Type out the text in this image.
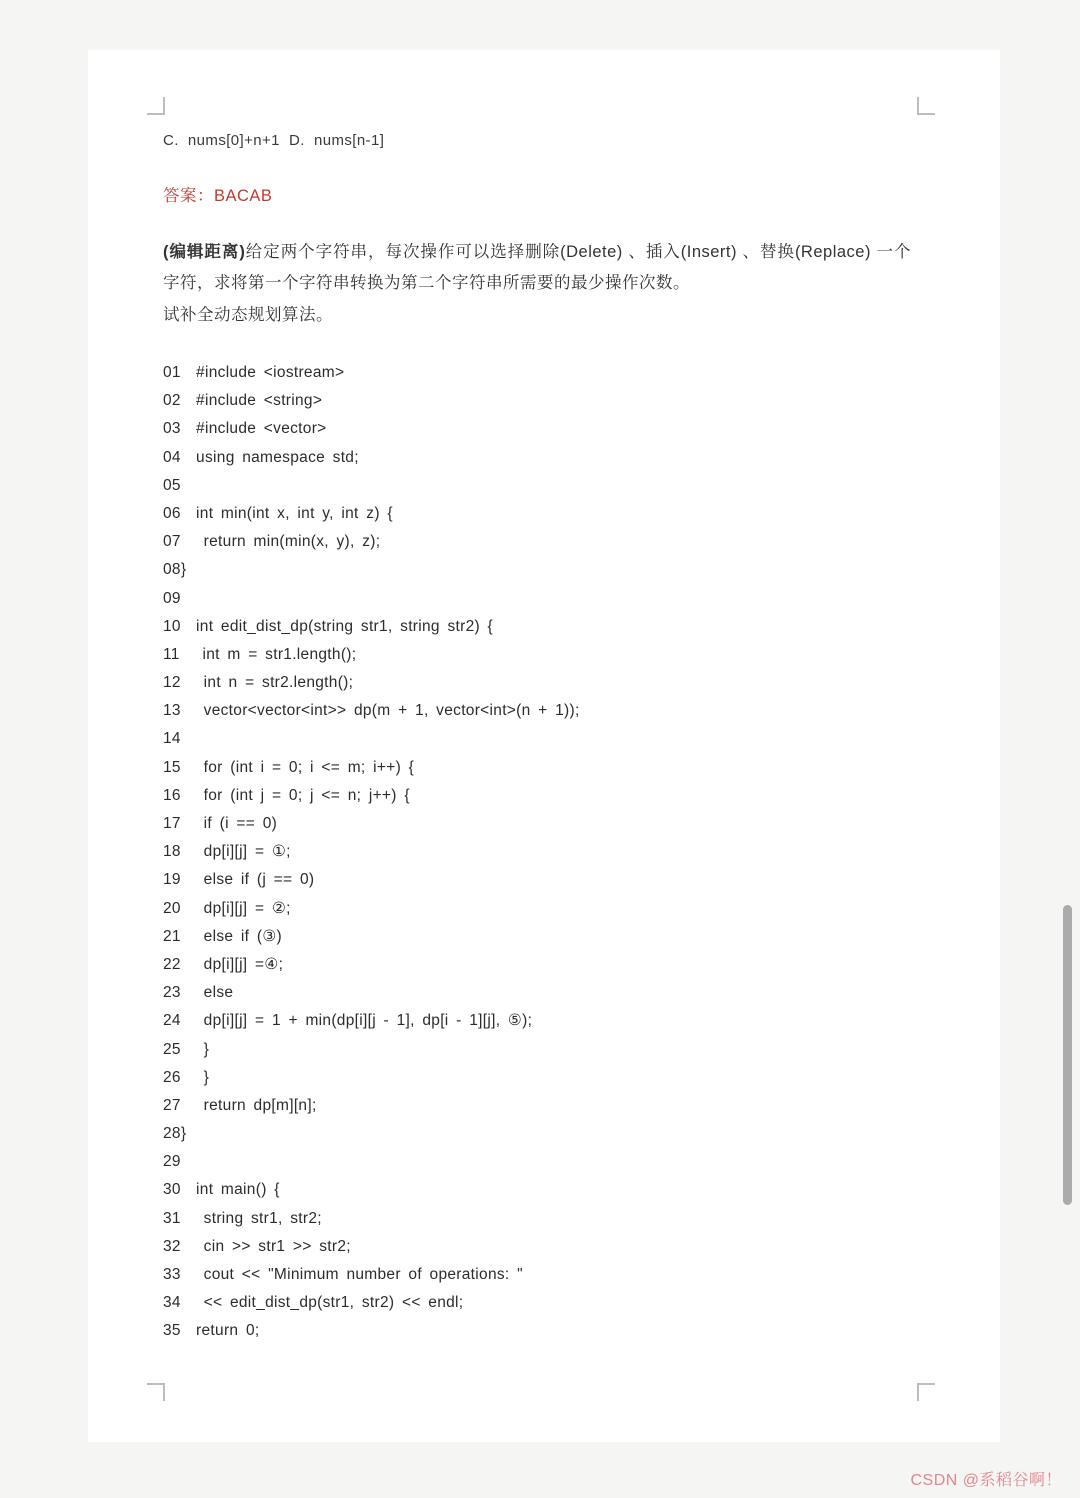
C.  nums[0]+n+1  D.  nums[n-1]
答案：BACAB

(编辑距离)给定两个字符串，每次操作可以选择删除(Delete) 、插入(Insert) 、替换(Replace) 一个字符，求将第一个字符串转换为第二个字符串所需要的最少操作次数。

试补全动态规划算法。
01  #include <iostream>
02  #include <string>
03  #include <vector>
04  using namespace std;
05
06  int min(int x, int y, int z) {
07   return min(min(x, y), z);
08}
09
10  int edit_dist_dp(string str1, string str2) {
11   int m = str1.length();
12   int n = str2.length();
13   vector<vector<int>> dp(m + 1, vector<int>(n + 1));
14
15   for (int i = 0; i <= m; i++) {
16   for (int j = 0; j <= n; j++) {
17   if (i == 0)
18   dp[i][j] = ①;
19   else if (j == 0)
20   dp[i][j] = ②;
21   else if (③)
22   dp[i][j] =④;
23   else
24   dp[i][j] = 1 + min(dp[i][j - 1], dp[i - 1][j], ⑤);
25   }
26   }
27   return dp[m][n];
28}
29
30  int main() {
31   string str1, str2;
32   cin >> str1 >> str2;
33   cout << "Minimum number of operations: "
34   << edit_dist_dp(str1, str2) << endl;
35  return 0;
CSDN @系稻谷啊！
